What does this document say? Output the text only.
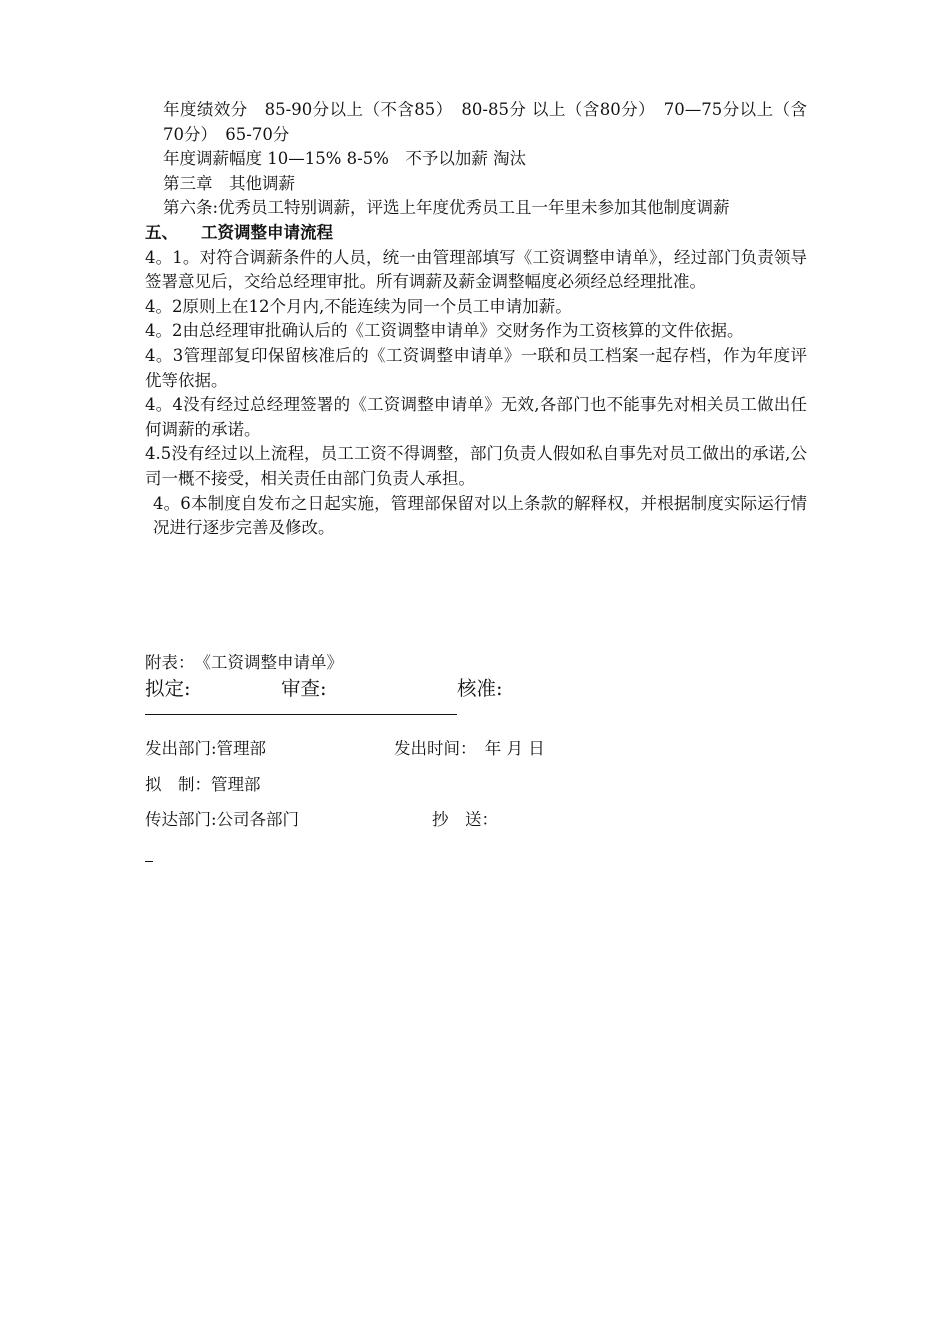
年度绩效分　85-90分以上（不含85）　80-85分 以上（含80分）　70—75分以上（含70分）　65-70分

年度调薪幅度 10—15% 8-5%　不予以加薪 淘汰

第三章　其他调薪

第六条:优秀员工特别调薪，评选上年度优秀员工且一年里未参加其他制度调薪

五、 工资调整申请流程

4。1。对符合调薪条件的人员，统一由管理部填写《工资调整申请单》，经过部门负责领导签署意见后，交给总经理审批。所有调薪及薪金调整幅度必须经总经理批准。

4。2原则上在12个月内,不能连续为同一个员工申请加薪。

4。2由总经理审批确认后的《工资调整申请单》交财务作为工资核算的文件依据。

4。3管理部复印保留核准后的《工资调整申请单》一联和员工档案一起存档，作为年度评优等依据。

4。4没有经过总经理签署的《工资调整申请单》无效,各部门也不能事先对相关员工做出任何调薪的承诺。

4.5没有经过以上流程，员工工资不得调整，部门负责人假如私自事先对员工做出的承诺,公司一概不接受，相关责任由部门负责人承担。

4。6本制度自发布之日起实施，管理部保留对以上条款的解释权，并根据制度实际运行情况进行逐步完善及修改。

附表：　《工资调整申请单》
拟定:	审查:	核准:
发出部门:管理部	发出时间：　年 月 日
拟　制：管理部
传达部门:公司各部门	抄　送：
